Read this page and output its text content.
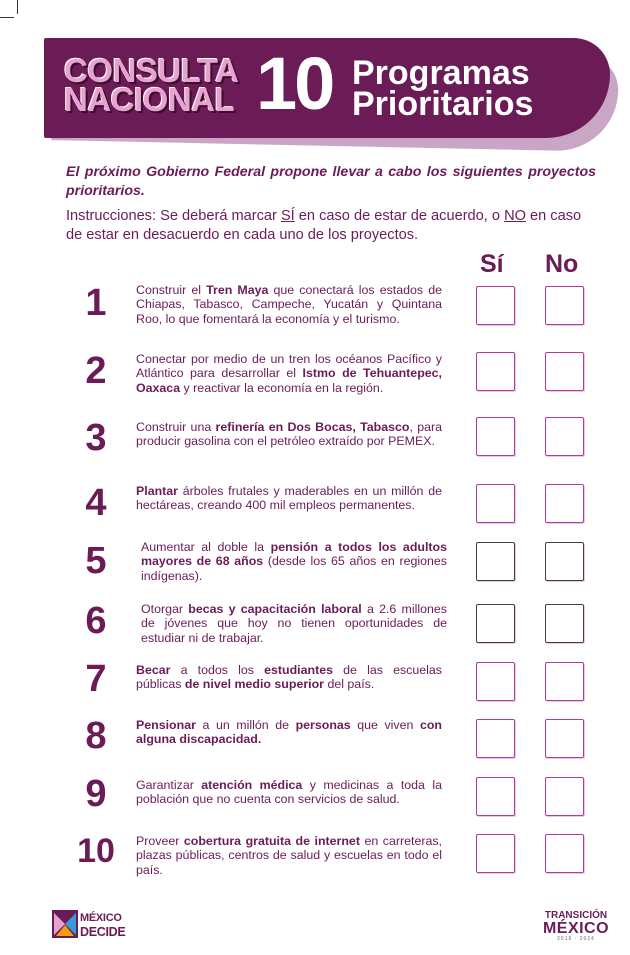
CONSULTA
NACIONAL 10 Programas
Prioritarios
El próximo Gobierno Federal propone llevar a cabo los siguientes proyectos prioritarios.
Instrucciones: Se deberá marcar SÍ en caso de estar de acuerdo, o NO en caso de estar en desacuerdo en cada uno de los proyectos.
Sí No
1	Construir el Tren Maya que conectará los estados de Chiapas, Tabasco, Campeche, Yucatán y Quintana Roo, lo que fomentará la economía y el turismo.
2	Conectar por medio de un tren los océanos Pacífico y Atlántico para desarrollar el Istmo de Tehuantepec, Oaxaca y reactivar la economía en la región.
3	Construir una refinería en Dos Bocas, Tabasco, para producir gasolina con el petróleo extraído por PEMEX.
4	Plantar árboles frutales y maderables en un millón de hectáreas, creando 400 mil empleos permanentes.
5	Aumentar al doble la pensión a todos los adultos mayores de 68 años (desde los 65 años en regiones indígenas).
6	Otorgar becas y capacitación laboral a 2.6 millones de jóvenes que hoy no tienen oportunidades de estudiar ni de trabajar.
7	Becar a todos los estudiantes de las escuelas públicas de nivel medio superior del país.
8	Pensionar a un millón de personas que viven con alguna discapacidad.
9	Garantizar atención médica y medicinas a toda la población que no cuenta con servicios de salud.
10	Proveer cobertura gratuita de internet en carreteras, plazas públicas, centros de salud y escuelas en todo el país.
MÉXICO
DECIDE
TRANSICIÓN
MÉXICO
2018 · 2024
